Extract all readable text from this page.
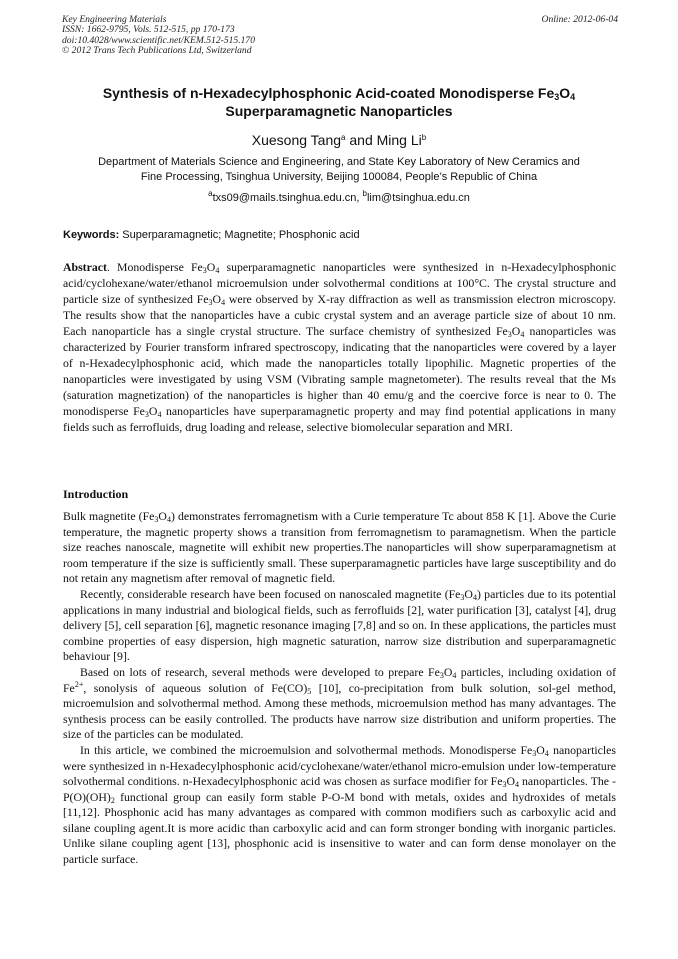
Key Engineering Materials
ISSN: 1662-9795, Vols. 512-515, pp 170-173
doi:10.4028/www.scientific.net/KEM.512-515.170
© 2012 Trans Tech Publications Ltd, Switzerland
Online: 2012-06-04
Synthesis of n-Hexadecylphosphonic Acid-coated Monodisperse $Fe_3O_4$
Superparamagnetic Nanoparticles
Xuesong Tang$^a$ and Ming Li$^b$
Department of Materials Science and Engineering, and State Key Laboratory of New Ceramics and
Fine Processing, Tsinghua University, Beijing 100084, People’s Republic of China
$^a$txs09@mails.tsinghua.edu.cn, $^b$lim@tsinghua.edu.cn
Keywords: Superparamagnetic; Magnetite; Phosphonic acid
Abstract. Monodisperse $Fe_3O_4$ superparamagnetic nanoparticles were synthesized in n-Hexadecylphosphonic acid/cyclohexane/water/ethanol microemulsion under solvothermal conditions at 100°C. The crystal structure and particle size of synthesized $Fe_3O_4$ were observed by X-ray diffraction as well as transmission electron microscopy. The results show that the nanoparticles have a cubic crystal system and an average particle size of about 10 nm. Each nanoparticle has a single crystal structure. The surface chemistry of synthesized $Fe_3O_4$ nanoparticles was characterized by Fourier transform infrared spectroscopy, indicating that the nanoparticles were covered by a layer of n-Hexadecylphosphonic acid, which made the nanoparticles totally lipophilic. Magnetic properties of the nanoparticles were investigated by using VSM (Vibrating sample magnetometer). The results reveal that the Ms (saturation magnetization) of the nanoparticles is higher than 40 emu/g and the coercive force is near to 0. The monodisperse $Fe_3O_4$ nanoparticles have superparamagnetic property and may find potential applications in many fields such as ferrofluids, drug loading and release, selective biomolecular separation and MRI.
Introduction

Bulk magnetite $(Fe_3O_4)$ demonstrates ferromagnetism with a Curie temperature Tc about 858 K [1]. Above the Curie temperature, the magnetic property shows a transition from ferromagnetism to paramagnetism. When the particle size reaches nanoscale, magnetite will exhibit new properties.The nanoparticles will show superparamagnetism at room temperature if the size is sufficiently small. These superparamagnetic particles have large susceptibility and do not retain any magnetism after removal of magnetic field.

Recently, considerable research have been focused on nanoscaled magnetite $(Fe_3O_4)$ particles due to its potential applications in many industrial and biological fields, such as ferrofluids [2], water purification [3], catalyst [4], drug delivery [5], cell separation [6], magnetic resonance imaging [7,8] and so on. In these applications, the particles must combine properties of easy dispersion, high magnetic saturation, narrow size distribution and superparamagnetic behaviour [9].

Based on lots of research, several methods were developed to prepare $Fe_3O_4$ particles, including oxidation of $Fe^{2+}$, sonolysis of aqueous solution of $Fe(CO)_5$ [10], co-precipitation from bulk solution, sol-gel method, microemulsion and solvothermal method. Among these methods, microemulsion method has many advantages. The synthesis process can be easily controlled. The products have narrow size distribution and uniform properties. The size of the particles can be modulated.

In this article, we combined the microemulsion and solvothermal methods. Monodisperse $Fe_3O_4$ nanoparticles were synthesized in n-Hexadecylphosphonic acid/cyclohexane/water/ethanol micro-emulsion under low-temperature solvothermal conditions. n-Hexadecylphosphonic acid was chosen as surface modifier for $Fe_3O_4$ nanoparticles. The $-P(O)(OH)_2$ functional group can easily form stable P-O-M bond with metals, oxides and hydroxides of metals [11,12]. Phosphonic acid has many advantages as compared with common modifiers such as carboxylic acid and silane coupling agent.It is more acidic than carboxylic acid and can form stronger bonding with inorganic particles. Unlike silane coupling agent [13], phosphonic acid is insensitive to water and can form dense monolayer on the particle surface.
